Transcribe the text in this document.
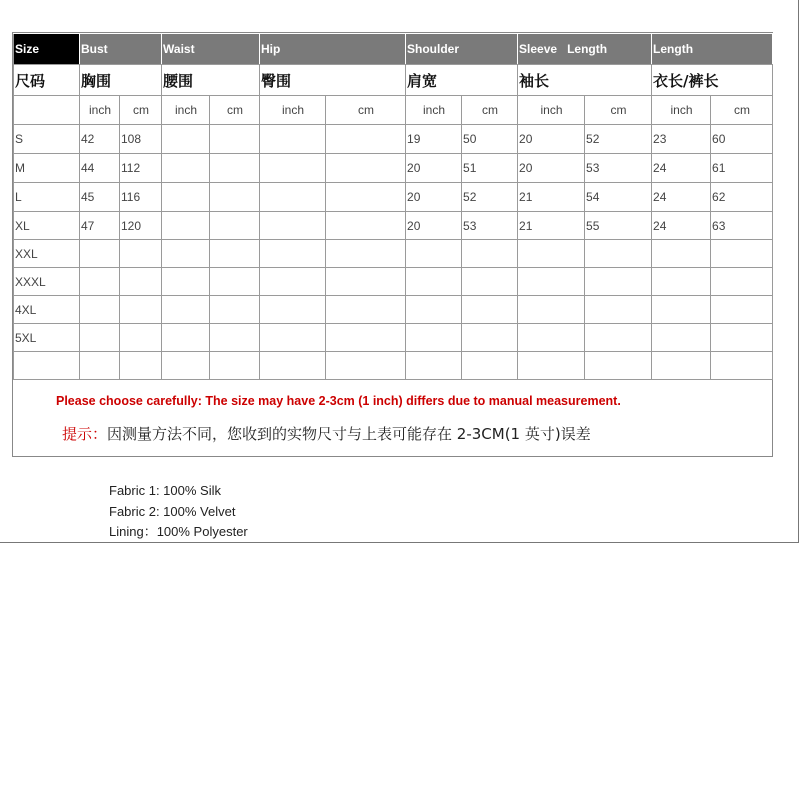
Size	Bust		Waist		Hip		Shoulder		Sleeve   Length		Length	
尺码	胸围		腰围		臀围		肩宽		袖长		衣长/裤长	
	inch	cm	inch	cm	inch	cm	inch	cm	inch	cm	inch	cm
S	42	108					19	50	20	52	23	60
M	44	112					20	51	20	53	24	61
L	45	116					20	52	21	54	24	62
XL	47	120					20	53	21	55	24	63
XXL												
XXXL												
4XL												
5XL												

Please choose carefully: The size may have 2-3cm (1 inch) differs due to manual measurement.
提示：因测量方法不同，您收到的实物尺寸与上表可能存在 2-3CM(1 英寸)误差
Fabric 1: 100% Silk
Fabric 2: 100% Velvet
Lining：100% Polyester
